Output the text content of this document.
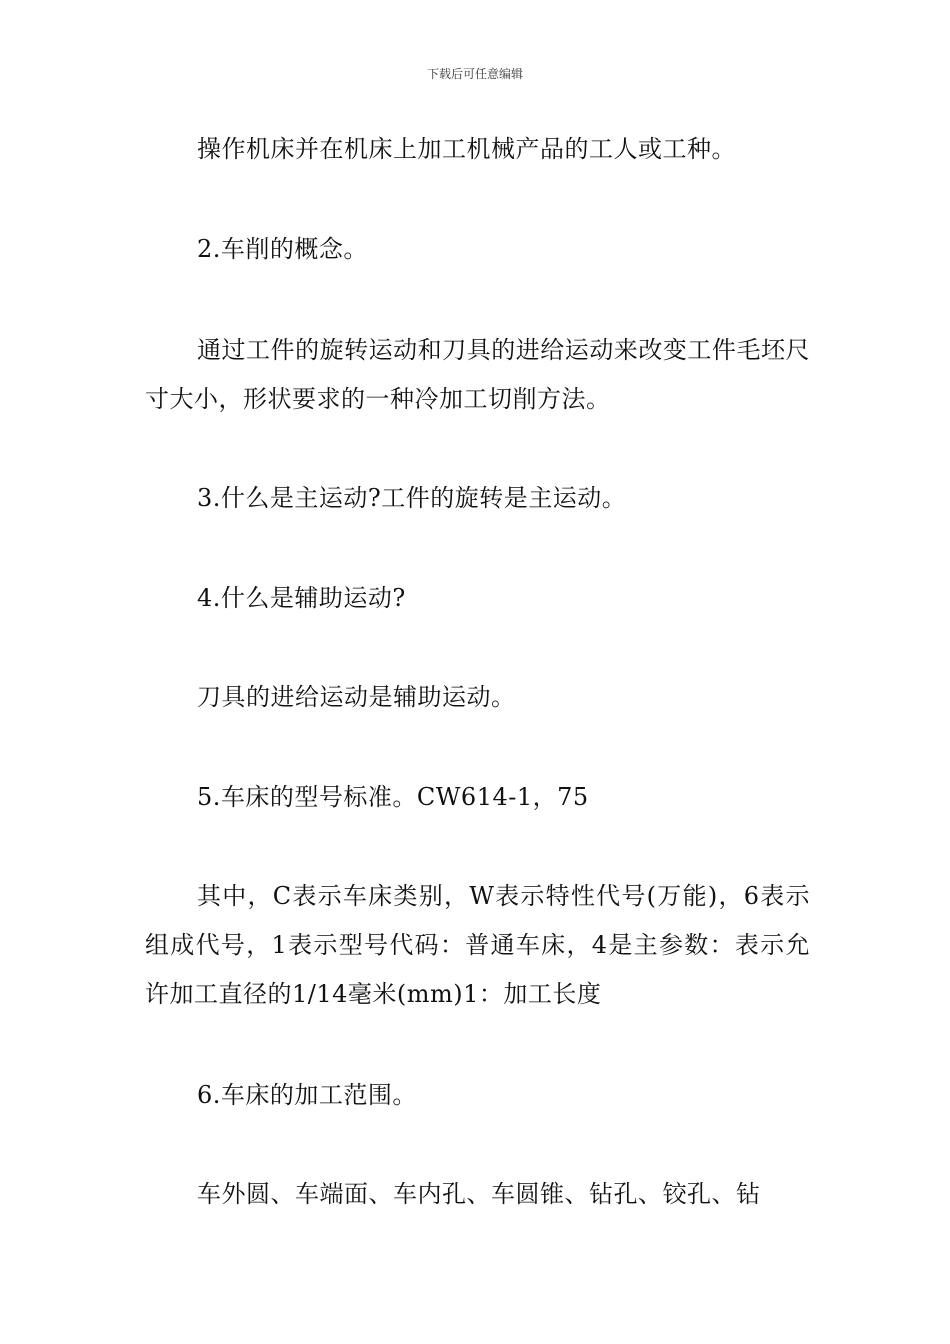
下载后可任意编辑
操作机床并在机床上加工机械产品的工人或工种。
2.车削的概念。
通过工件的旋转运动和刀具的进给运动来改变工件毛坯尺寸大小，形状要求的一种冷加工切削方法。
3.什么是主运动?工件的旋转是主运动。
4.什么是辅助运动?
刀具的进给运动是辅助运动。
5.车床的型号标准。CW614-1，75
其中，C表示车床类别，W表示特性代号(万能)，6表示组成代号，1表示型号代码：普通车床，4是主参数：表示允许加工直径的1/14毫米(mm)1：加工长度
6.车床的加工范围。
车外圆、车端面、车内孔、车圆锥、钻孔、铰孔、钻
